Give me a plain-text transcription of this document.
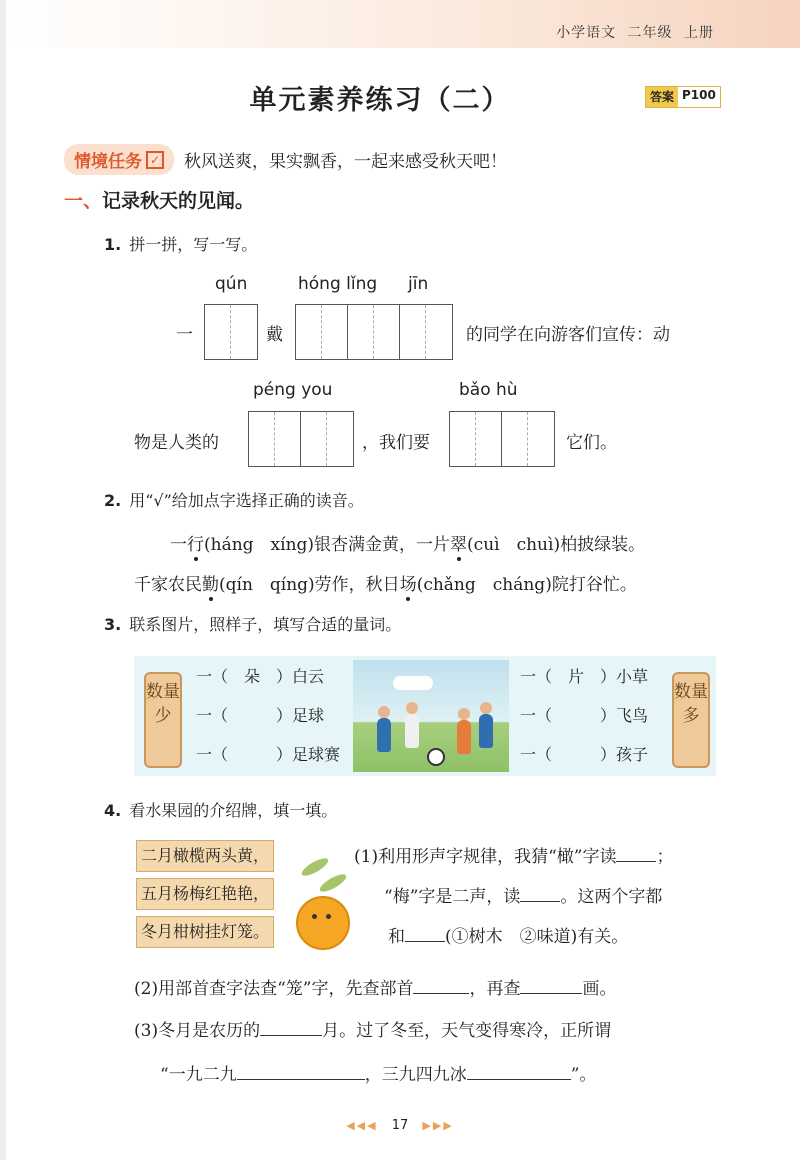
小学语文 二年级 上册
单元素养练习（二）	答案 P100
情境任务 ✓ 秋风送爽，果实飘香，一起来感受秋天吧！
一、记录秋天的见闻。
1. 拼一拼，写一写。
qún	hóng lǐng jīn
一	戴	的同学在向游客们宣传：动
péng you	bǎo hù
物是人类的	，我们要	它们。
2. 用“√”给加点字选择正确的读音。
一行(háng　xíng)银杏满金黄，一片翠(cuì　chuì)柏披绿装。
千家农民勤(qín　qíng)劳作，秋日场(chǎng　cháng)院打谷忙。
3. 联系图片，照样子，填写合适的量词。
数量少
数量多
一（　朵　）白云
一（　　　）足球
一（　　　）足球赛
一（　片　）小草
一（　　　）飞鸟
一（　　　）孩子
4. 看水果园的介绍牌，填一填。
二月橄榄两头黄，
五月杨梅红艳艳，
冬月柑树挂灯笼。
(1)利用形声字规律，我猜“橄”字读 ；
“梅”字是二声，读 。这两个字都
和 (①树木　②味道)有关。
(2)用部首查字法查“笼”字，先查部首	，再查	画。
(3)冬月是农历的	月。过了冬至，天气变得寒冷，正所谓
“一九二九	，三九四九冰	”。
◀◀◀ 17 ▶▶▶
